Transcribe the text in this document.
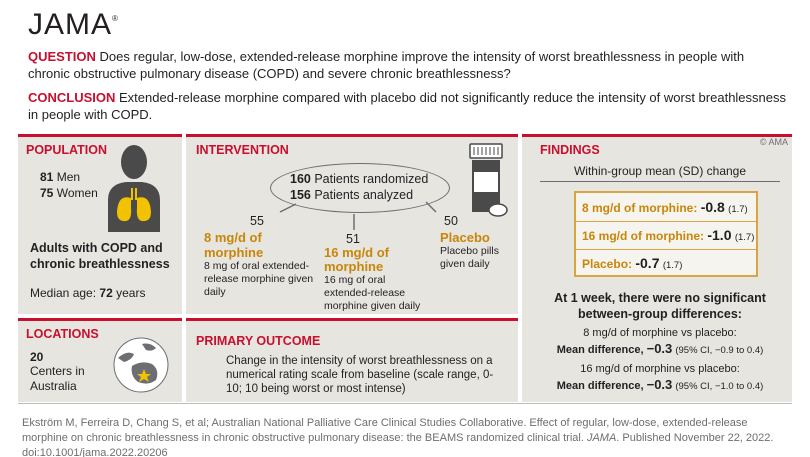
JAMA®
QUESTION Does regular, low-dose, extended-release morphine improve the intensity of worst breathlessness in people with chronic obstructive pulmonary disease (COPD) and severe chronic breathlessness?
CONCLUSION Extended-release morphine compared with placebo did not significantly reduce the intensity of worst breathlessness in people with COPD.
POPULATION
81 Men
75 Women
Adults with COPD and chronic breathlessness
Median age: 72 years
LOCATIONS
20
Centers in Australia
INTERVENTION
160 Patients randomized
156 Patients analyzed
55
8 mg/d of morphine
8 mg of oral extended-release morphine given daily
51
16 mg/d of morphine
16 mg of oral extended-release morphine given daily
50
Placebo
Placebo pills given daily
PRIMARY OUTCOME
Change in the intensity of worst breathlessness on a numerical rating scale from baseline (scale range, 0-10; 10 being worst or most intense)
FINDINGS
© AMA
Within-group mean (SD) change
8 mg/d of morphine: -0.8 (1.7)
16 mg/d of morphine: -1.0 (1.7)
Placebo: -0.7 (1.7)
At 1 week, there were no significant between-group differences:
8 mg/d of morphine vs placebo:
Mean difference, −0.3 (95% CI, −0.9 to 0.4)
16 mg/d of morphine vs placebo:
Mean difference, −0.3 (95% CI, −1.0 to 0.4)
Ekström M, Ferreira D, Chang S, et al; Australian National Palliative Care Clinical Studies Collaborative. Effect of regular, low-dose, extended-release morphine on chronic breathlessness in chronic obstructive pulmonary disease: the BEAMS randomized clinical trial. JAMA. Published November 22, 2022. doi:10.1001/jama.2022.20206
